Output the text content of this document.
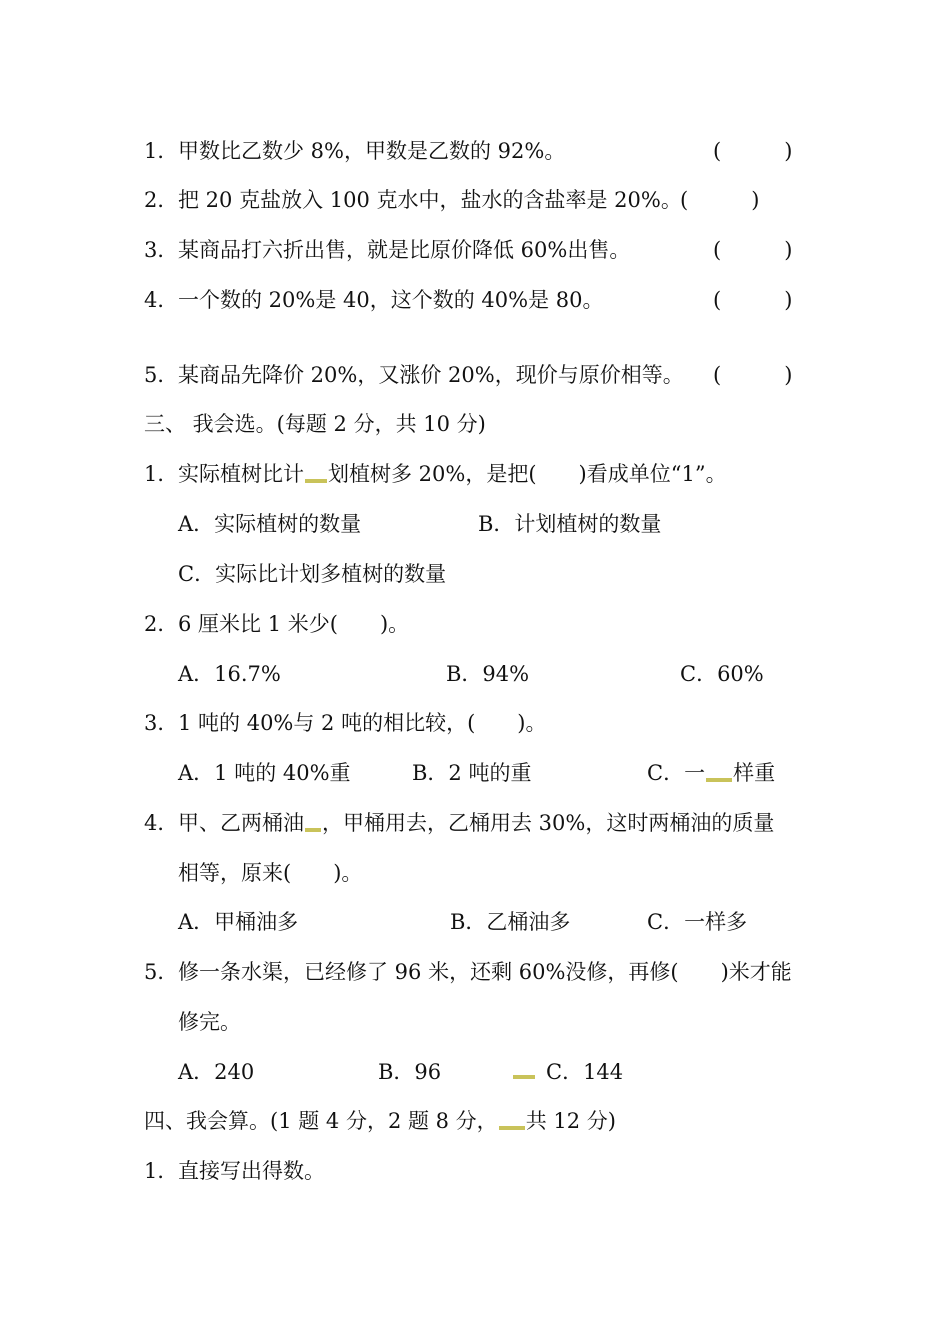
1．甲数比乙数少 8%，甲数是乙数的 92%。	(　　　)
2．把 20 克盐放入 100 克水中，盐水的含盐率是 20%。
(　　　)
3．某商品打六折出售，就是比原价降低 60%出售。	(　　　)
4．一个数的 20%是 40，这个数的 40%是 80。	(　　　)
5．某商品先降价 20%，又涨价 20%，现价与原价相等。 (　　　)
三、 我会选。(每题 2 分，共 10 分)
1．实际植树比计 划植树多 20%，是把(　　)看成单位“1”。
A．实际植树的数量	B．计划植树的数量
C．实际比计划多植树的数量
2．6 厘米比 1 米少(　　)。
A．16.7%	B．94%	C．60%
3．1 吨的 40%与 2 吨的相比较，(　　)。
A．1 吨的 40%重	B．2 吨的重	C．一 样重
4．甲、乙两桶油 ，甲桶用去，乙桶用去 30%，这时两桶油的质量
相等，原来(　　)。
A．甲桶油多	B．乙桶油多	C．一样多
5．修一条水渠，已经修了 96 米，还剩 60%没修，再修(　　)米才能
修完。
A．240	B．96	C．144
四、我会算。(1 题 4 分，2 题 8 分， 共 12 分)
1．直接写出得数。
